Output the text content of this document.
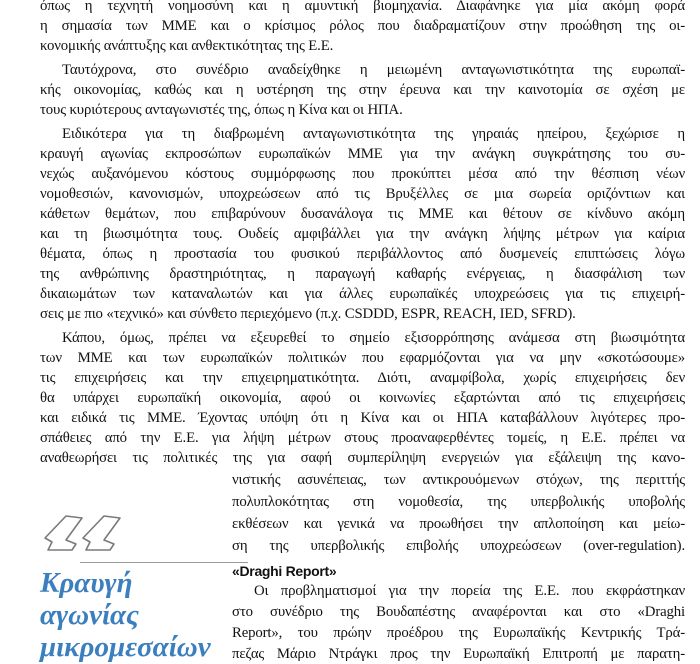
όπως η τεχνητή νοημοσύνη και η αμυντική βιομηχανία. Διαφάνηκε για μία ακόμη φορά
η σημασία των ΜΜΕ και ο κρίσιμος ρόλος που διαδραματίζουν στην προώθηση της οι-
κονομικής ανάπτυξης και ανθεκτικότητας της Ε.Ε.
Ταυτόχρονα, στο συνέδριο αναδείχθηκε η μειωμένη ανταγωνιστικότητα της ευρωπαϊ-
κής οικονομίας, καθώς και η υστέρηση της στην έρευνα και την καινοτομία σε σχέση με
τους κυριότερους ανταγωνιστές της, όπως η Κίνα και οι ΗΠΑ.
Ειδικότερα για τη διαβρωμένη ανταγωνιστικότητα της γηραιάς ηπείρου, ξεχώρισε η
κραυγή αγωνίας εκπροσώπων ευρωπαϊκών ΜΜΕ για την ανάγκη συγκράτησης του συ-
νεχώς αυξανόμενου κόστους συμμόρφωσης που προκύπτει μέσα από την θέσπιση νέων
νομοθεσιών, κανονισμών, υποχρεώσεων από τις Βρυξέλλες σε μια σωρεία οριζόντιων και
κάθετων θεμάτων, που επιβαρύνουν δυσανάλογα τις ΜΜΕ και θέτουν σε κίνδυνο ακόμη
και τη βιωσιμότητα τους. Ουδείς αμφιβάλλει για την ανάγκη λήψης μέτρων για καίρια
θέματα, όπως η προστασία του φυσικού περιβάλλοντος από δυσμενείς επιπτώσεις λόγω
της ανθρώπινης δραστηριότητας, η παραγωγή καθαρής ενέργειας, η διασφάλιση των
δικαιωμάτων των καταναλωτών και για άλλες ευρωπαϊκές υποχρεώσεις για τις επιχειρή-
σεις με πιο «τεχνικό» και σύνθετο περιεχόμενο (π.χ. CSDDD, ESPR, REACH, IED, SFRD).
Κάπου, όμως, πρέπει να εξευρεθεί το σημείο εξισορρόπησης ανάμεσα στη βιωσιμότητα
των ΜΜΕ και των ευρωπαϊκών πολιτικών που εφαρμόζονται για να μην «σκοτώσουμε»
τις επιχειρήσεις και την επιχειρηματικότητα. Διότι, αναμφίβολα, χωρίς επιχειρήσεις δεν
θα υπάρχει ευρωπαϊκή οικονομία, αφού οι κοινωνίες εξαρτώνται από τις επιχειρήσεις
και ειδικά τις ΜΜΕ. Έχοντας υπόψη ότι η Κίνα και οι ΗΠΑ καταβάλλουν λιγότερες προ-
σπάθειες από την Ε.Ε. για λήψη μέτρων στους προαναφερθέντες τομείς, η Ε.Ε. πρέπει να
αναθεωρήσει τις πολιτικές της για σαφή συμπερίληψη ενεργειών για εξάλειψη της κανο-
νιστικής ασυνέπειας, των αντικρουόμενων στόχων, της περιττής
πολυπλοκότητας στη νομοθεσία, της υπερβολικής υποβολής
εκθέσεων και γενικά να προωθήσει την απλοποίηση και μείω-
ση της υπερβολικής επιβολής υποχρεώσεων (over-regulation).
«Draghi Report»
Οι προβληματισμοί για την πορεία της Ε.Ε. που εκφράστηκαν
στο συνέδριο της Βουδαπέστης αναφέρονται και στο «Draghi
Report», του πρώην προέδρου της Ευρωπαϊκής Κεντρικής Τρά-
πεζας Μάριο Ντράγκι προς την Ευρωπαϊκή Επιτροπή με παρατη-
Κραυγή
αγωνίας
μικρομεσαίων
